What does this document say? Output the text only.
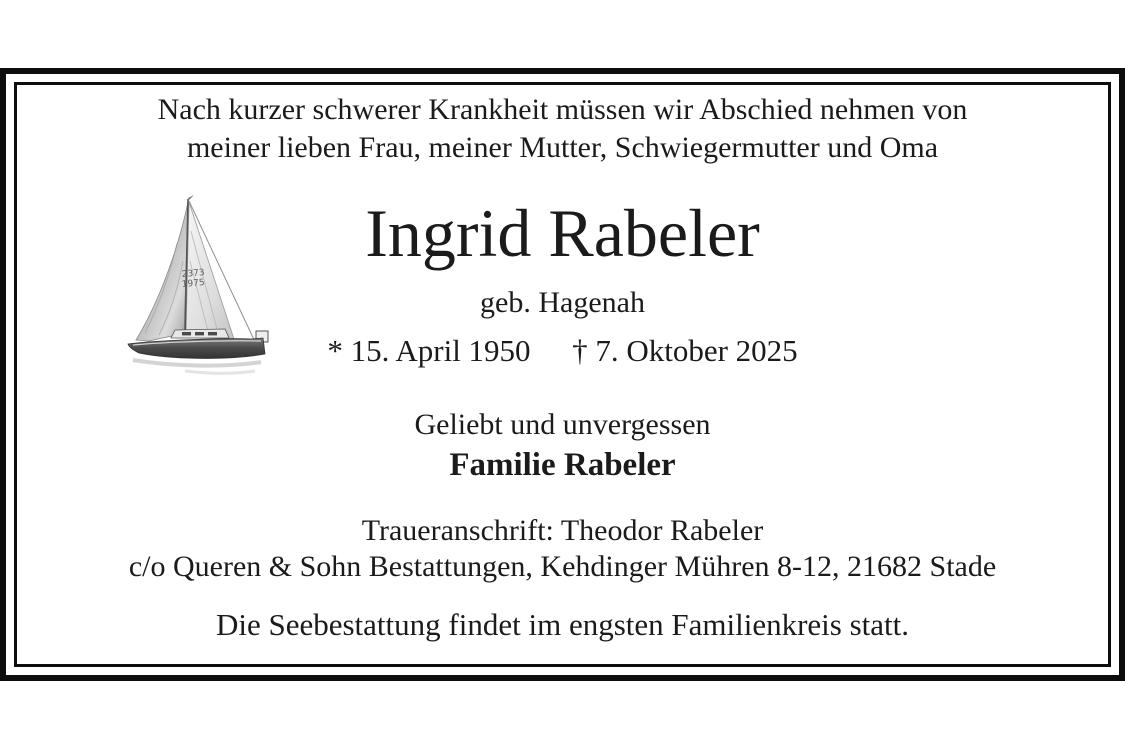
Nach kurzer schwerer Krankheit müssen wir Abschied nehmen von
meiner lieben Frau, meiner Mutter, Schwiegermutter und Oma
2373
1975
Ingrid Rabeler
geb. Hagenah
* 15. April 1950 † 7. Oktober 2025
Geliebt und unvergessen
Familie Rabeler
Traueranschrift: Theodor Rabeler
c/o Queren & Sohn Bestattungen, Kehdinger Mühren 8-12, 21682 Stade
Die Seebestattung findet im engsten Familienkreis statt.
